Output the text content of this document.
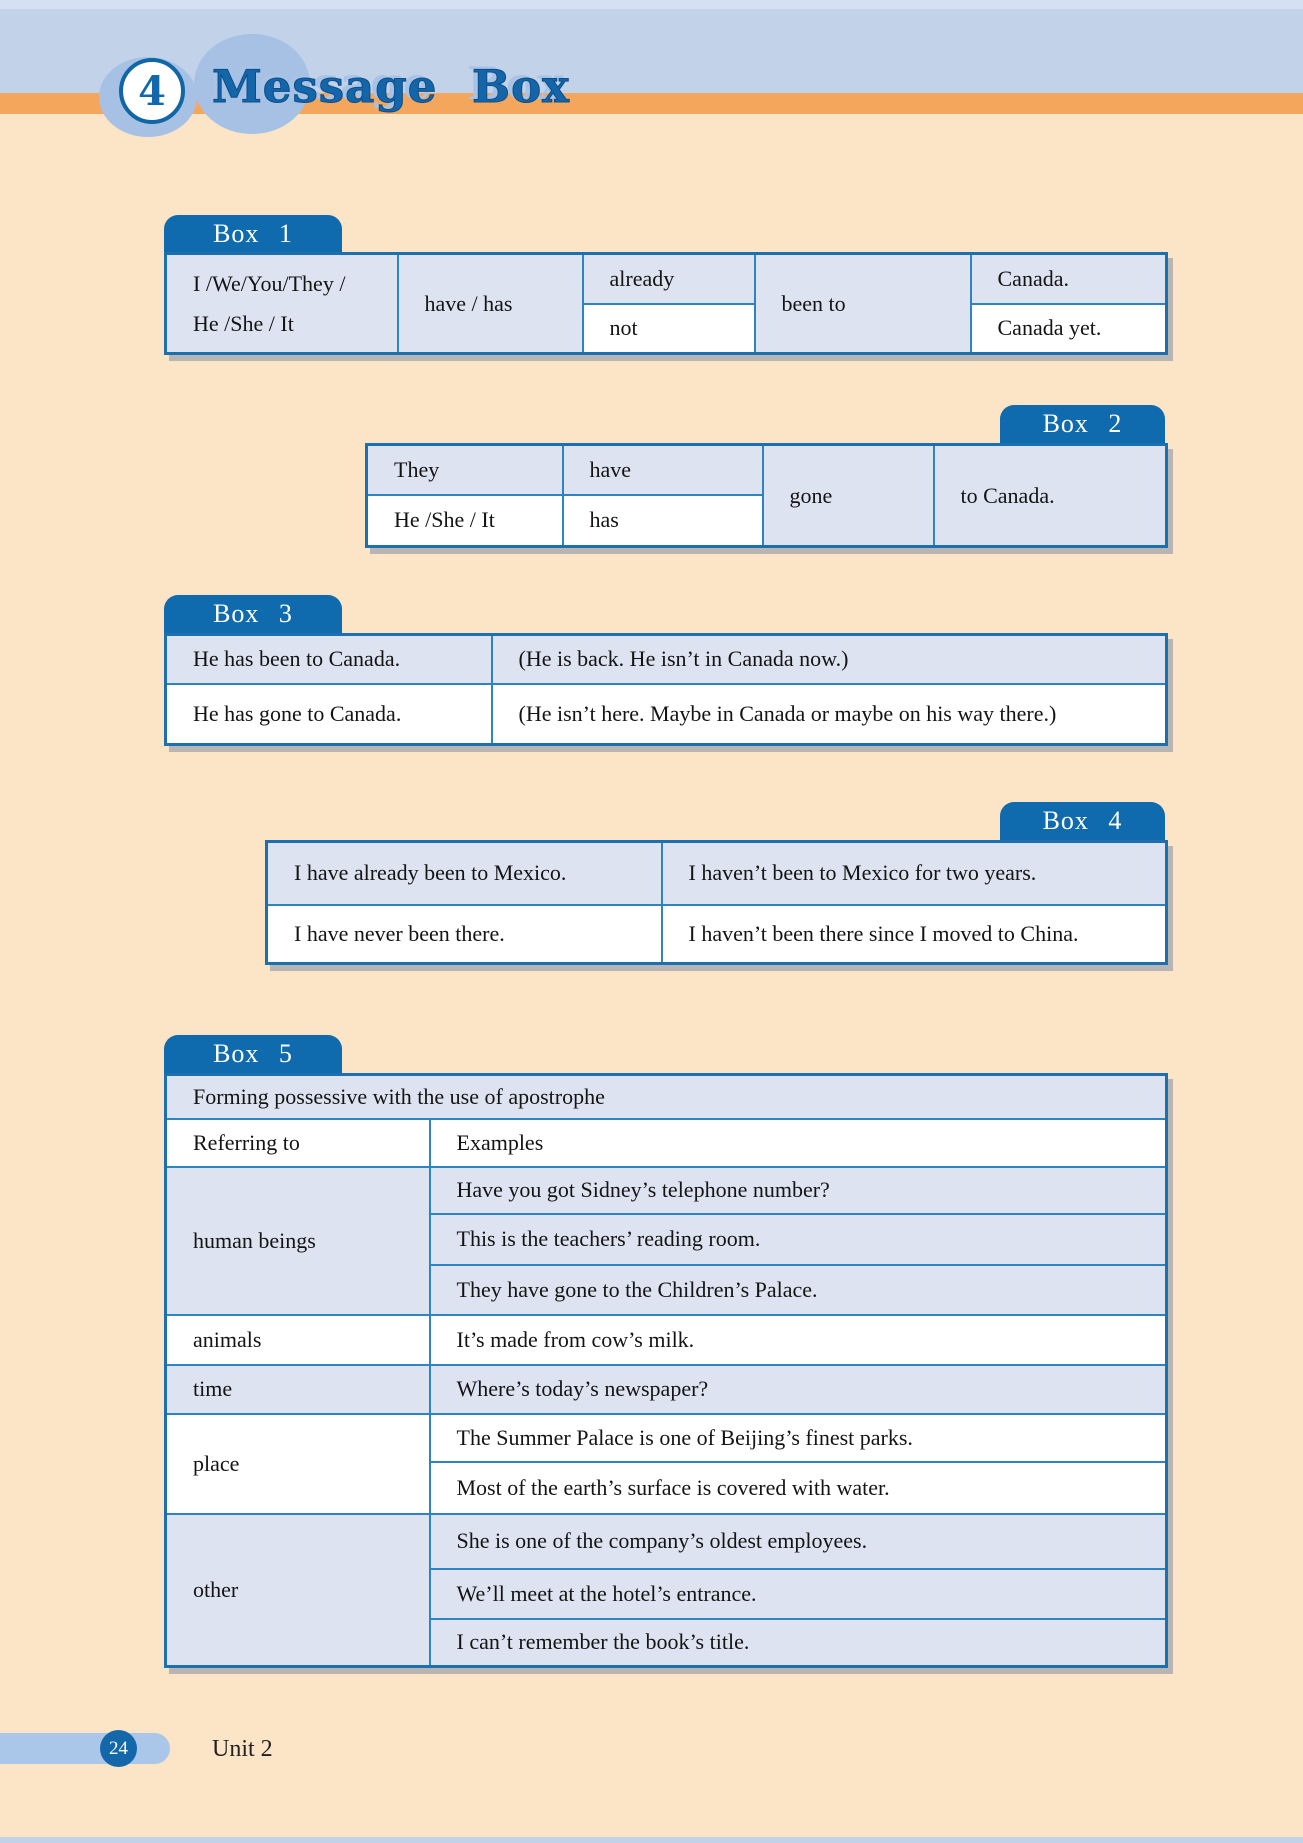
4 Message Box
Box 1
I /We/You/They /
He /She / It	have / has	already	been to	Canada.
		not		Canada yet.
Box 2
They	have	gone	to Canada.
He /She / It	has		
Box 3
He has been to Canada.	(He is back. He isn’t in Canada now.)
He has gone to Canada.	(He isn’t here. Maybe in Canada or maybe on his way there.)
Box 4
I have already been to Mexico.	I haven’t been to Mexico for two years.
I have never been there.	I haven’t been there since I moved to China.
Box 5
Forming possessive with the use of apostrophe	
Referring to	Examples
human beings	Have you got Sidney’s telephone number?
	This is the teachers’ reading room.
	They have gone to the Children’s Palace.
animals	It’s made from cow’s milk.
time	Where’s today’s newspaper?
place	The Summer Palace is one of Beijing’s finest parks.
	Most of the earth’s surface is covered with water.
other	She is one of the company’s oldest employees.
	We’ll meet at the hotel’s entrance.
	I can’t remember the book’s title.
24	Unit 2
